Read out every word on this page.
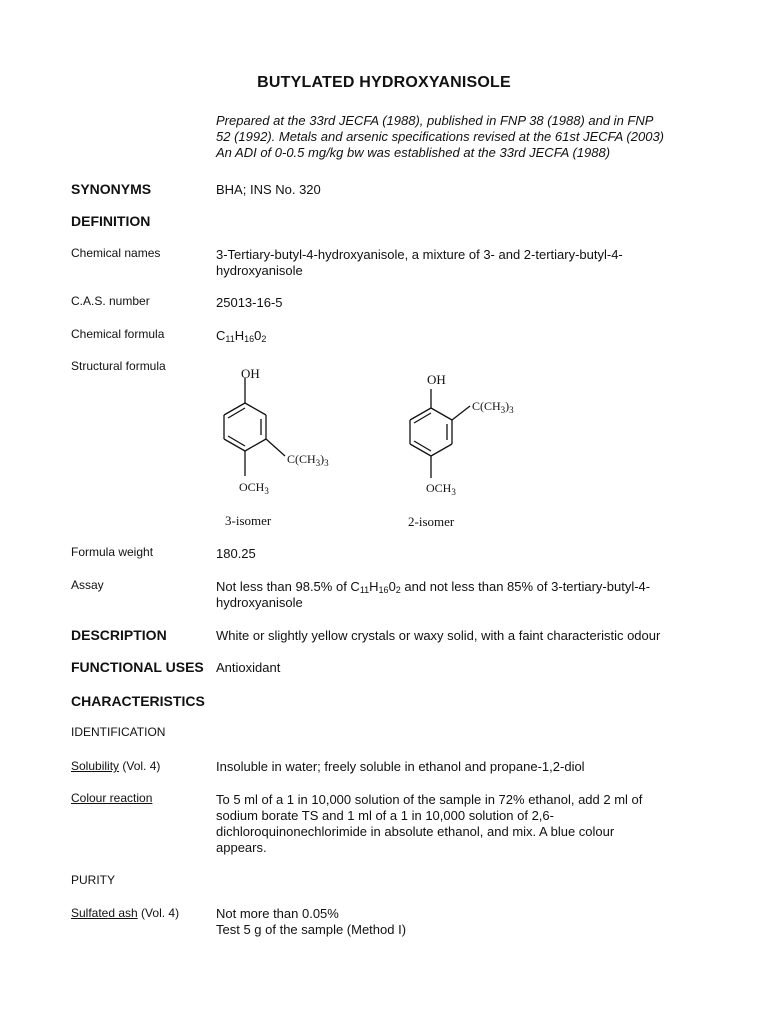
BUTYLATED HYDROXYANISOLE
Prepared at the 33rd JECFA (1988), published in FNP 38 (1988) and in FNP
52 (1992). Metals and arsenic specifications revised at the 61st JECFA (2003)
An ADI of 0-0.5 mg/kg bw was established at the 33rd JECFA (1988)
SYNONYMS	BHA; INS No. 320
DEFINITION
Chemical names	3-Tertiary-butyl-4-hydroxyanisole, a mixture of 3- and 2-tertiary-butyl-4-
hydroxyanisole
C.A.S. number	25013-16-5
Chemical formula	$C_{11}H_{16}0_2$
Structural formula	OH
$C(CH_3)_3$
$OCH_3$
3-isomer
OH
$C(CH_3)_3$
$OCH_3$
2-isomer
Formula weight	180.25
Assay	Not less than 98.5% of $C_{11}H_{16}0_2$ and not less than 85% of 3-tertiary-butyl-4-
hydroxyanisole
DESCRIPTION	White or slightly yellow crystals or waxy solid, with a faint characteristic odour
FUNCTIONAL USES Antioxidant
CHARACTERISTICS
IDENTIFICATION
Solubility (Vol. 4)	Insoluble in water; freely soluble in ethanol and propane-1,2-diol
Colour reaction	To 5 ml of a 1 in 10,000 solution of the sample in 72% ethanol, add 2 ml of
sodium borate TS and 1 ml of a 1 in 10,000 solution of 2,6-
dichloroquinonechlorimide in absolute ethanol, and mix. A blue colour
appears.
PURITY
Sulfated ash (Vol. 4)	Not more than 0.05%
Test 5 g of the sample (Method I)
